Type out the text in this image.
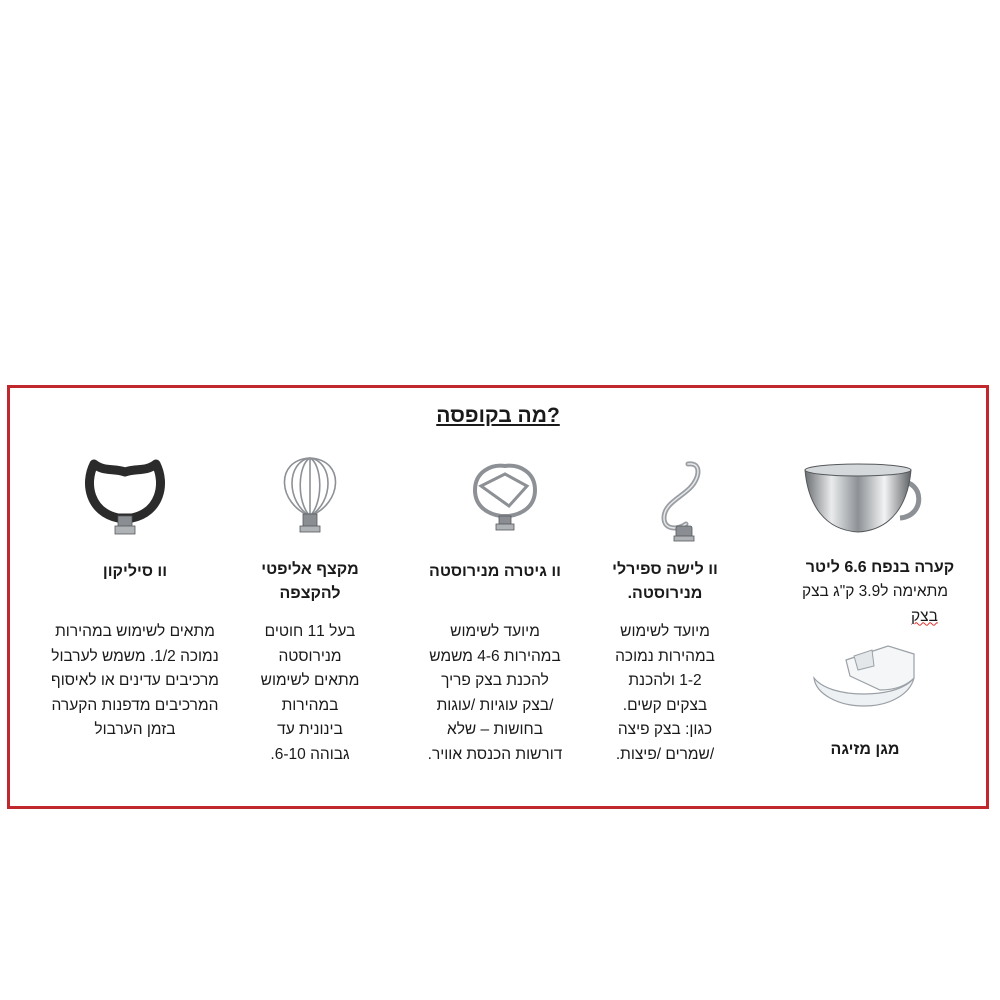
מה בקופסה?
קערה בנפח 6.6 ליטר
מתאימה ל3.9 ק"ג בצק
בצק
וו לישה ספירלי
מנירוסטה.
מיועד לשימוש
במהירות נמוכה
1-2 ולהכנת
בצקים קשים.
כגון: בצק פיצה
/שמרים /פיצות.
וו גיטרה מנירוסטה
מיועד לשימוש
במהירות 4-6 משמש
להכנת בצק פריך
/בצק עוגיות /עוגות
בחושות – שלא
דורשות הכנסת אוויר.
מקצף אליפטי
להקצפה
בעל 11 חוטים
מנירוסטה
מתאים לשימוש
במהירות
בינונית עד
גבוהה 6-10.
וו סיליקון
מתאים לשימוש במהירות
נמוכה 1/2. משמש לערבול
מרכיבים עדינים או לאיסוף
המרכיבים מדפנות הקערה
בזמן הערבול
מגן מזיגה
